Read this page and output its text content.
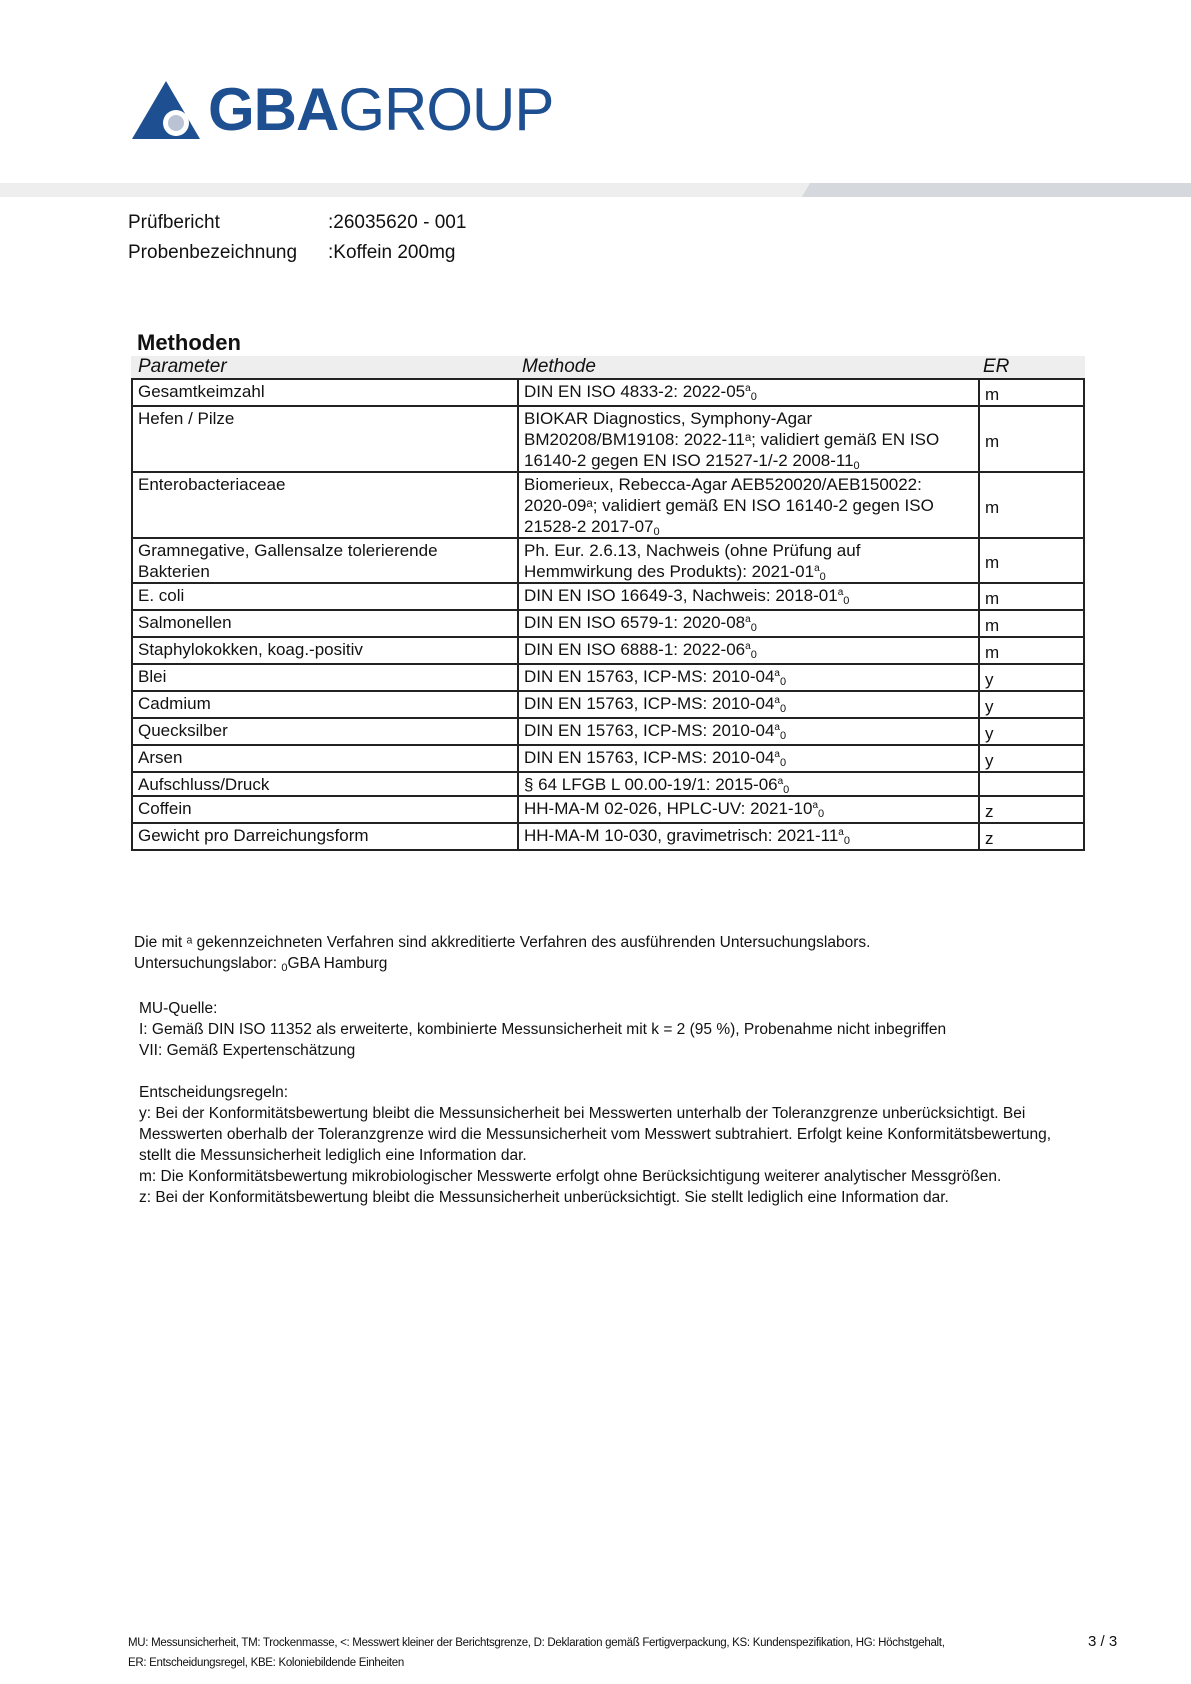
GBA GROUP
Prüfbericht	:26035620 - 001
Probenbezeichnung	:Koffein 200mg
Methoden
Parameter	Methode	ER
Gesamtkeimzahl	DIN EN ISO 4833-2: $2022-05^a_0$	m
Hefen / Pilze	BIOKAR Diagnostics, Symphony-Agar
BM20208/BM19108: 2022-11ᵃ; validiert gemäß EN ISO
16140-2 gegen EN ISO 21527-1/-2 $2008-11_0$	m
Enterobacteriaceae	Biomerieux, Rebecca-Agar AEB520020/AEB150022:
2020-09ᵃ; validiert gemäß EN ISO 16140-2 gegen ISO
21528-2 $2017-07_0$	m
Gramnegative, Gallensalze tolerierende Bakterien	Ph. Eur. 2.6.13, Nachweis (ohne Prüfung auf
Hemmwirkung des Produkts): $2021-01^a_0$	m
E. coli	DIN EN ISO 16649-3, Nachweis: $2018-01^a_0$	m
Salmonellen	DIN EN ISO 6579-1: $2020-08^a_0$	m
Staphylokokken, koag.-positiv	DIN EN ISO 6888-1: $2022-06^a_0$	m
Blei	DIN EN 15763, ICP-MS: $2010-04^a_0$	y
Cadmium	DIN EN 15763, ICP-MS: $2010-04^a_0$	y
Quecksilber	DIN EN 15763, ICP-MS: $2010-04^a_0$	y
Arsen	DIN EN 15763, ICP-MS: $2010-04^a_0$	y
Aufschluss/Druck	§ 64 LFGB L 00.00-19/1: $2015-06^a_0$

Coffein	HH-MA-M 02-026, HPLC-UV: $2021-10^a_0$	z
Gewicht pro Darreichungsform	HH-MA-M 10-030, gravimetrisch: $2021-11^a_0$	z

Die mit ᵃ gekennzeichneten Verfahren sind akkreditierte Verfahren des ausführenden Untersuchungslabors.

Untersuchungslabor: $_0$GBA Hamburg

MU-Quelle:

I: Gemäß DIN ISO 11352 als erweiterte, kombinierte Messunsicherheit mit k = 2 (95 %), Probenahme nicht inbegriffen

VII: Gemäß Expertenschätzung

Entscheidungsregeln:

y: Bei der Konformitätsbewertung bleibt die Messunsicherheit bei Messwerten unterhalb der Toleranzgrenze unberücksichtigt. Bei Messwerten oberhalb der Toleranzgrenze wird die Messunsicherheit vom Messwert subtrahiert. Erfolgt keine Konformitätsbewertung, stellt die Messunsicherheit lediglich eine Information dar.

m: Die Konformitätsbewertung mikrobiologischer Messwerte erfolgt ohne Berücksichtigung weiterer analytischer Messgrößen.

z: Bei der Konformitätsbewertung bleibt die Messunsicherheit unberücksichtigt. Sie stellt lediglich eine Information dar.

MU: Messunsicherheit, TM: Trockenmasse, <: Messwert kleiner der Berichtsgrenze, D: Deklaration gemäß Fertigverpackung, KS: Kundenspezifikation, HG: Höchstgehalt,
ER: Entscheidungsregel, KBE: Koloniebildende Einheiten
3 / 3
